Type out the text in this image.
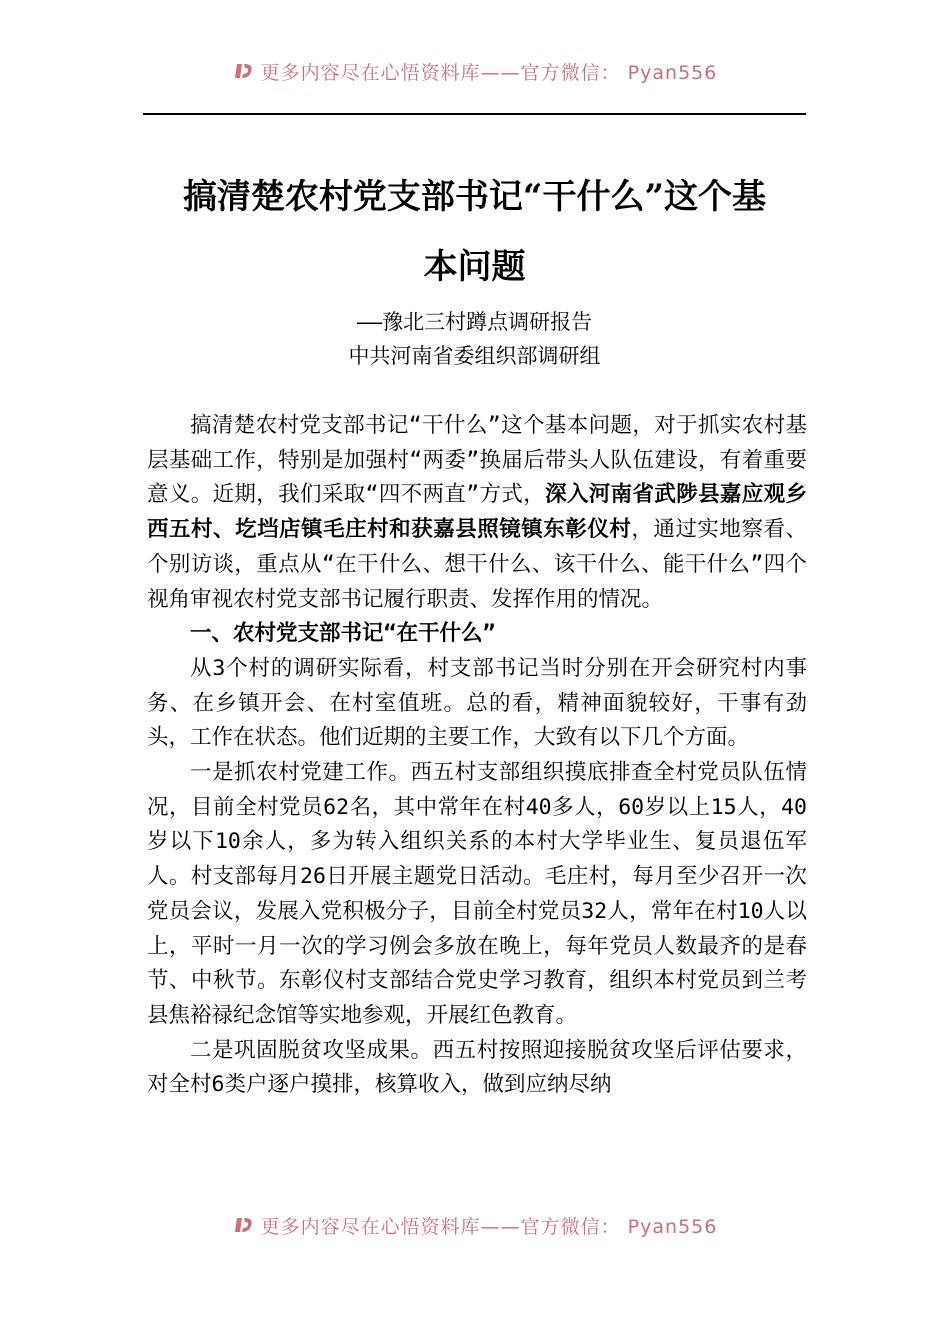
更多内容尽在心悟资料库——官方微信： Pyan556
搞清楚农村党支部书记“干什么”这个基
本问题

——豫北三村蹲点调研报告

中共河南省委组织部调研组

搞清楚农村党支部书记“干什么”这个基本问题，对于抓实农村基层基础工作，特别是加强村“两委”换届后带头人队伍建设，有着重要意义。近期，我们采取“四不两直”方式，深入河南省武陟县嘉应观乡西五村、圪垱店镇毛庄村和获嘉县照镜镇东彰仪村，通过实地察看、个别访谈，重点从“在干什么、想干什么、该干什么、能干什么”四个视角审视农村党支部书记履行职责、发挥作用的情况。

一、农村党支部书记“在干什么”

从3个村的调研实际看，村支部书记当时分别在开会研究村内事务、在乡镇开会、在村室值班。总的看，精神面貌较好，干事有劲头，工作在状态。他们近期的主要工作，大致有以下几个方面。

一是抓农村党建工作。西五村支部组织摸底排查全村党员队伍情况，目前全村党员62名，其中常年在村40多人，60岁以上15人，40岁以下10余人，多为转入组织关系的本村大学毕业生、复员退伍军人。村支部每月26日开展主题党日活动。毛庄村，每月至少召开一次党员会议，发展入党积极分子，目前全村党员32人，常年在村10人以上，平时一月一次的学习例会多放在晚上，每年党员人数最齐的是春节、中秋节。东彰仪村支部结合党史学习教育，组织本村党员到兰考县焦裕禄纪念馆等实地参观，开展红色教育。

二是巩固脱贫攻坚成果。西五村按照迎接脱贫攻坚后评估要求，对全村6类户逐户摸排，核算收入，做到应纳尽纳

更多内容尽在心悟资料库——官方微信： Pyan556
